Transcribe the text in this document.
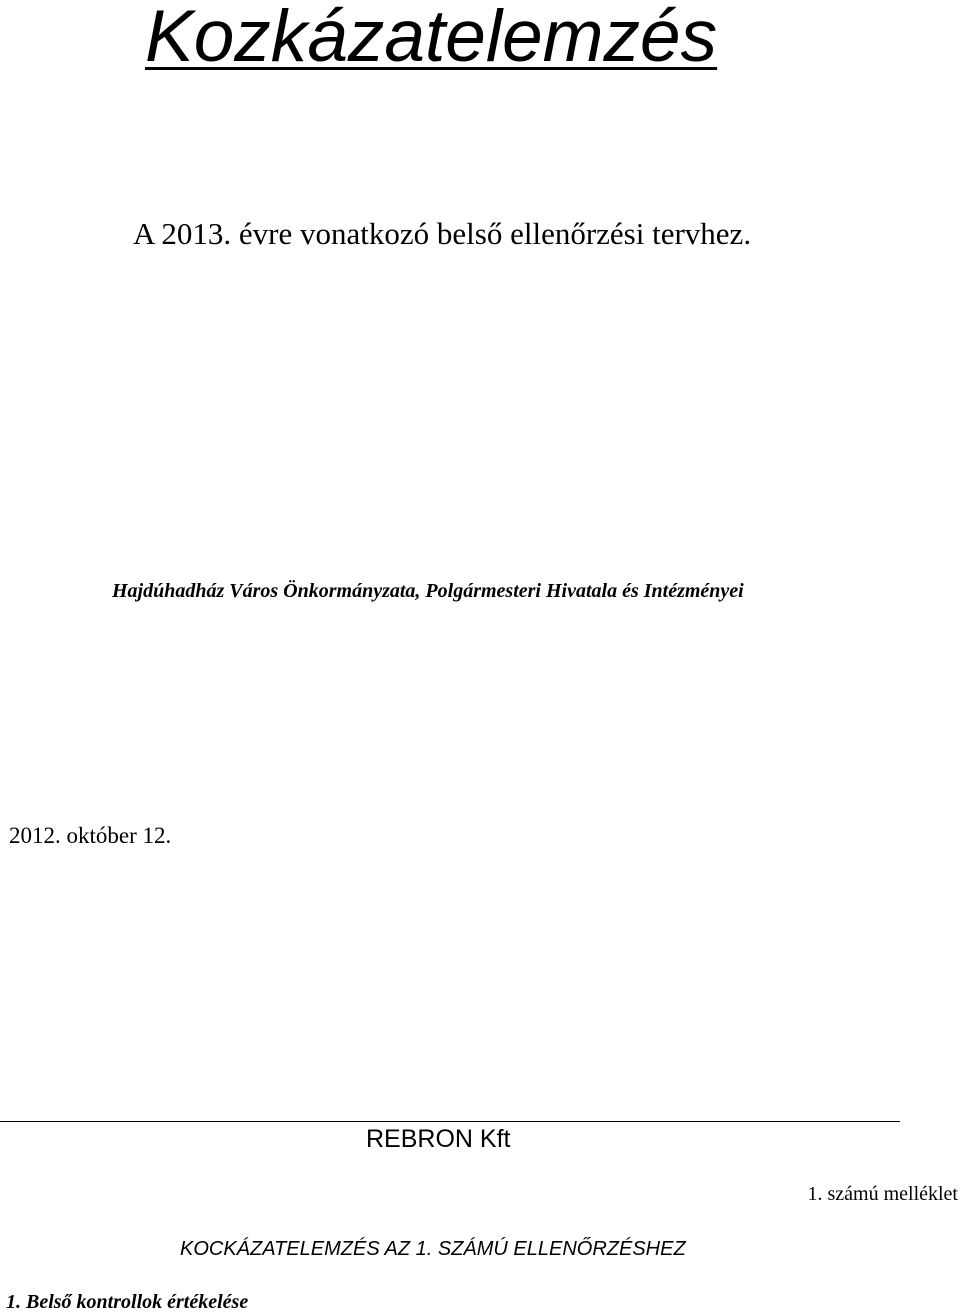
Kozkázatelemzés
A 2013. évre vonatkozó belső ellenőrzési tervhez.
Hajdúhadház Város Önkormányzata, Polgármesteri Hivatala és Intézményei
2012. október 12.
REBRON Kft
1. számú melléklet
KOCKÁZATELEMZÉS AZ 1. SZÁMÚ ELLENŐRZÉSHEZ
1. Belső kontrollok értékelése
